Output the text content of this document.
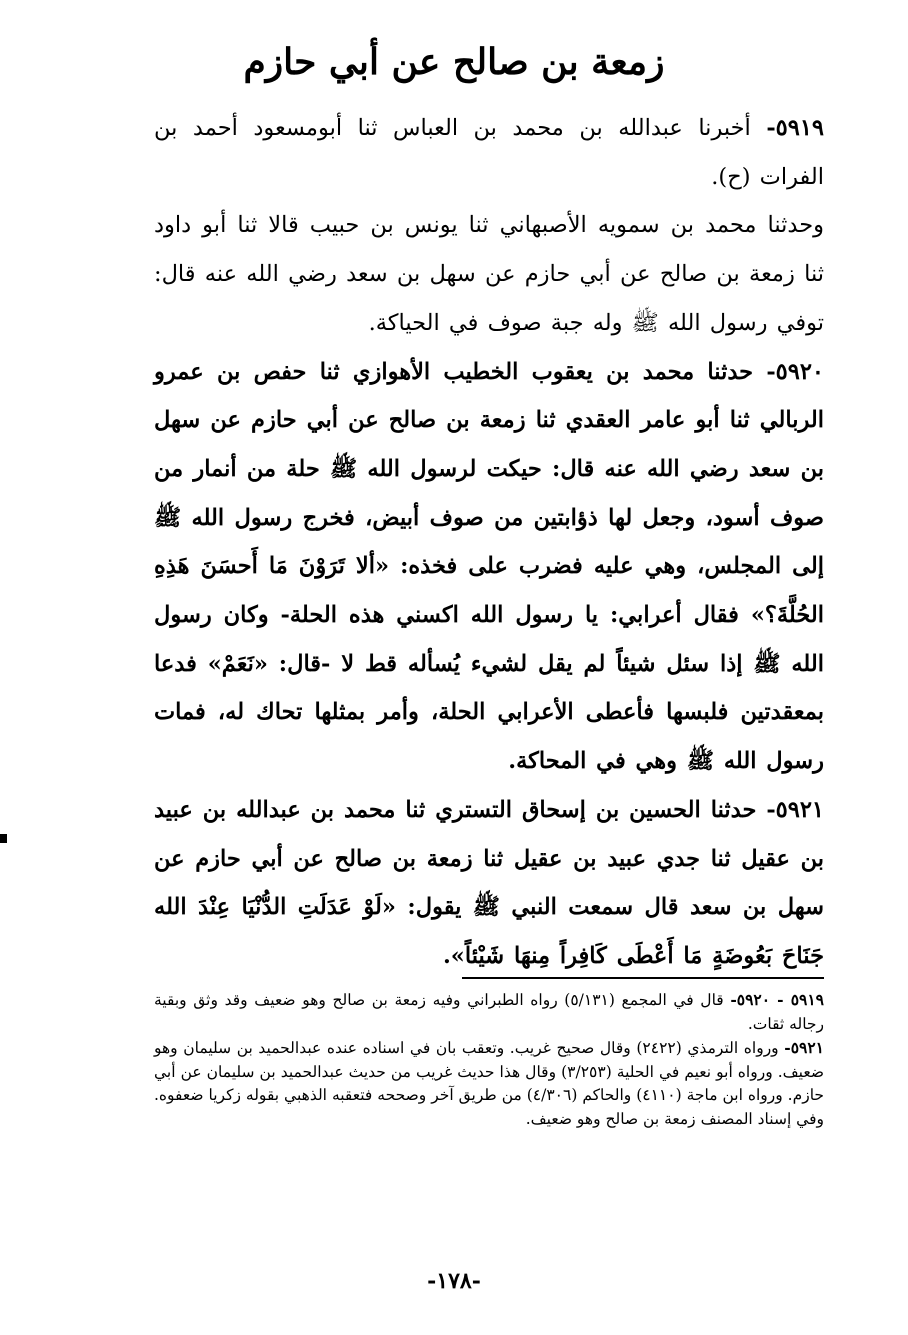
زمعة بن صالح عن أبي حازم

٥٩١٩- أخبرنا عبدالله بن محمد بن العباس ثنا أبومسعود أحمد بن الفرات (ح).

وحدثنا محمد بن سمويه الأصبهاني ثنا يونس بن حبيب قالا ثنا أبو داود ثنا زمعة بن صالح عن أبي حازم عن سهل بن سعد رضي الله عنه قال: توفي رسول الله ﷺ وله جبة صوف في الحياكة.

٥٩٢٠- حدثنا محمد بن يعقوب الخطيب الأهوازي ثنا حفص بن عمرو الربالي ثنا أبو عامر العقدي ثنا زمعة بن صالح عن أبي حازم عن سهل بن سعد رضي الله عنه قال: حيكت لرسول الله ﷺ حلة من أنمار من صوف أسود، وجعل لها ذؤابتين من صوف أبيض، فخرج رسول الله ﷺ إلى المجلس، وهي عليه فضرب على فخذه: «ألا تَرَوْنَ مَا أَحسَنَ هَذِهِ الحُلَّةَ؟» فقال أعرابي: يا رسول الله اكسني هذه الحلة- وكان رسول الله ﷺ إذا سئل شيئاً لم يقل لشيء يُسأله قط لا -قال: «نَعَمْ» فدعا بمعقدتين فلبسها فأعطى الأعرابي الحلة، وأمر بمثلها تحاك له، فمات رسول الله ﷺ وهي في المحاكة.

٥٩٢١- حدثنا الحسين بن إسحاق التستري ثنا محمد بن عبدالله بن عبيد بن عقيل ثنا جدي عبيد بن عقيل ثنا زمعة بن صالح عن أبي حازم عن سهل بن سعد قال سمعت النبي ﷺ يقول: «لَوْ عَدَلَتِ الدُّنْيَا عِنْدَ الله جَنَاحَ بَعُوضَةٍ مَا أَعْطَى كَافِراً مِنهَا شَيْئاً».

٥٩١٩ - ٥٩٢٠- قال في المجمع (٥/١٣١) رواه الطبراني وفيه زمعة بن صالح وهو ضعيف وقد وثق وبقية رجاله ثقات.

٥٩٢١- ورواه الترمذي (٢٤٢٢) وقال صحيح غريب. وتعقب بان في اسناده عنده عبدالحميد بن سليمان وهو ضعيف. ورواه أبو نعيم في الحلية (٣/٢٥٣) وقال هذا حديث غريب من حديث عبدالحميد بن سليمان عن أبي حازم. ورواه ابن ماجة (٤١١٠) والحاكم (٤/٣٠٦) من طريق آخر وصححه فتعقبه الذهبي بقوله زكريا ضعفوه. وفي إسناد المصنف زمعة بن صالح وهو ضعيف.

-١٧٨-
